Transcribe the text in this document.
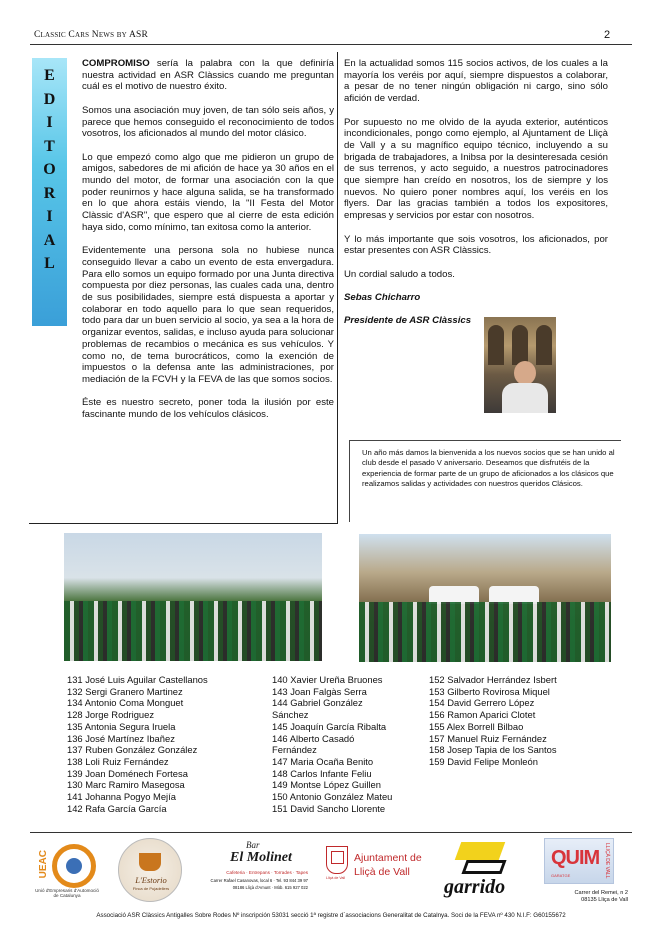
Classic Cars News by ASR	2
E
D
I
T
O
R
I
A
L

COMPROMISO sería la palabra con la que definiría nuestra actividad en ASR Clàssics cuando me preguntan cuál es el motivo de nuestro éxito.

Somos una asociación muy joven, de tan sólo seis años, y parece que hemos conseguido el reconocimiento de todos vosotros, los aficionados al mundo del motor clásico.

Lo que empezó como algo que me pidieron un grupo de amigos, sabedores de mi afición de hace ya 30 años en el mundo del motor, de formar una asociación con la que poder reunirnos y hace alguna salida, se ha transformado en lo que ahora estáis viendo, la "II Festa del Motor Clàssic d'ASR", que espero que al cierre de esta edición haya sido, como mínimo, tan exitosa como la anterior.

Evidentemente una persona sola no hubiese nunca conseguido llevar a cabo un evento de esta envergadura. Para ello somos un equipo formado por una Junta directiva compuesta por diez personas, las cuales cada una, dentro de sus posibilidades, siempre está dispuesta a aportar y colaborar en todo aquello para lo que sean requeridos, todo para dar un buen servicio al socio, ya sea a la hora de organizar eventos, salidas, e incluso ayuda para solucionar problemas de recambios o mecánica es sus vehículos. Y como no, de tema burocráticos, como la exención de impuestos o la defensa ante las administraciones, por mediación de la FCVH y la FEVA de las que somos socios.

Éste es nuestro secreto, poner toda la ilusión por este fascinante mundo de los vehículos clásicos.

En la actualidad somos 115 socios activos, de los cuales a la mayoría los veréis por aquí, siempre dispuestos a colaborar, a pesar de no tener ningún obligación ni cargo, sino sólo afición de verdad.

Por supuesto no me olvido de la ayuda exterior, auténticos incondicionales, pongo como ejemplo, al Ajuntament de Lliçà de Vall y a su magnífico equipo técnico, incluyendo a su brigada de trabajadores, a Inibsa por la desinteresada cesión de sus terrenos, y acto seguido, a nuestros patrocinadores que siempre han creído en nosotros, los de siempre y los nuevos. No quiero poner nombres aquí, los veréis en los flyers. Dar las gracias también a todos los expositores, empresas y servicios por estar con nosotros.

Y lo más importante que sois vosotros, los aficionados, por estar presentes con ASR Clàssics.

Un cordial saludo a todos.

Sebas Chicharro

Presidente de ASR Clàssics

Un año más damos la bienvenida a los nuevos socios que se han unido al club desde el pasado V aniversario. Deseamos que disfrutéis de la experiencia de formar parte de un grupo de aficionados a los clásicos que realizamos salidas y actividades con nuestros queridos Clásicos.
131 José Luis Aguilar Castellanos
132 Sergi Granero Martinez
134 Antonio Coma Monguet
128 Jorge Rodriguez
135 Antonia Segura Iruela
136 José Martínez Ibañez
137 Ruben González González
138 Loli Ruiz Fernández
139 Joan Doménech Fortesa
130 Marc Ramiro Masegosa
141 Johanna Pogyo Mejía
142 Rafa García García
140 Xavier Ureña Bruones
143 Joan Falgàs Serra
144 Gabriel González
Sánchez
145 Joaquín García Ribalta
146 Alberto Casadó
Fernández
147 Maria Ocaña Benito
148 Carlos Infante Feliu
149 Montse López Guillen
150 Antonio González Mateu
151 David Sancho Llorente
152 Salvador Herrández Isbert
153 Gilberto Rovirosa Miquel
154 David Gerrero López
156 Ramon Aparici Clotet
155 Alex Borrell Bilbao
157 Manuel Ruiz Fernández
158 Josep Tapia de los Santos
159 David Felipe Monleón
UEAC
Unió d'Empresaris d'Automoció de Catalunya
L'Estorio
Finca de Pujadellers
Bar
El Molinet
Cafeteria · Entrepans · Torrades · Tapes
Carrer Rafael Casanovas, local 6 · Tel. 93 844 39 97
08186 Lliçà d'Amunt · Mòb. 615 927 022
Ajuntament de
Lliçà de Vall
Lliçà de Vall	garrido
QUIM LLIÇÀ DE VALL
GARATGE
Carrer del Remei, n 2
08135 Lliça de Vall
Associació ASR Clàssics Antigalles Sobre Rodes Nº inscripción 53031 secció 1ª registre d´associacions Generalitat de Catalnya. Soci de la FEVA nº 430 N.I.F: G60155672
